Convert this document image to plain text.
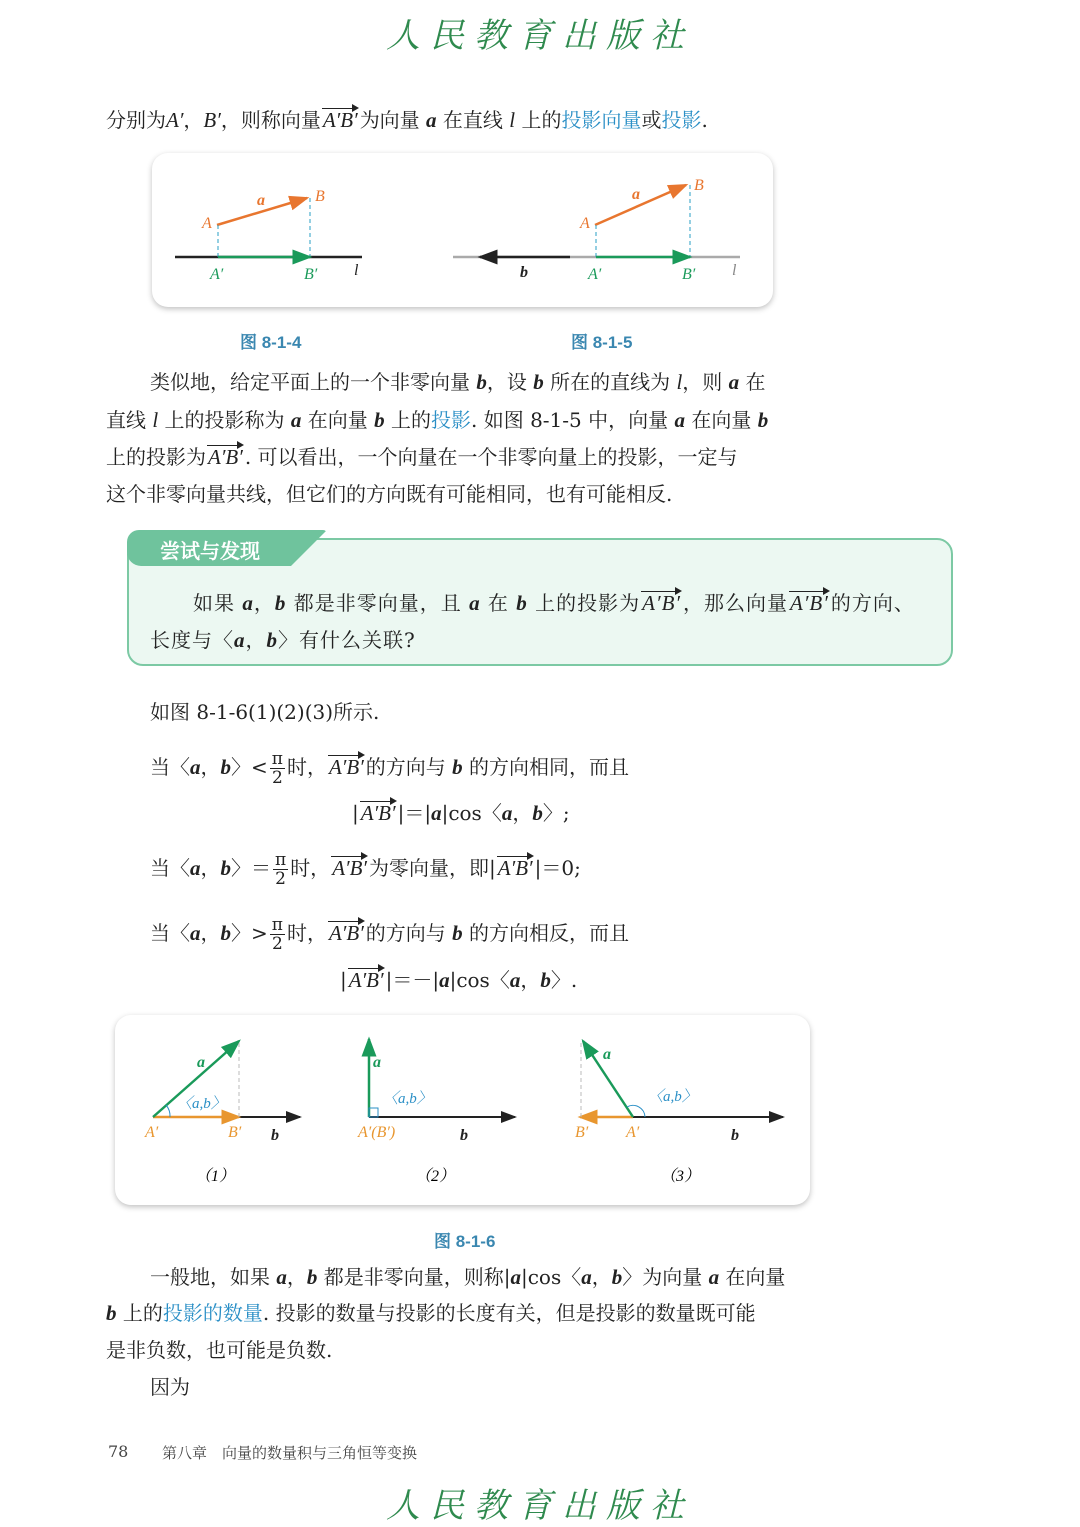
人民教育出版社
A
B
a
A′	B′ l
A
B
a
b	A′	B′ l
图 8-1-4	图 8-1-5
尝试与发现
a
〈a,b〉
A′	B′ b
（1）
a
〈a,b〉
A′(B′)	b
（2）
a
〈a,b〉
B′ A′	b
（3）
图 8-1-6
78 第八章　向量的数量积与三角恒等变换
人民教育出版社
分别为A′，B′，则称向量A′B′ 为向量 a 在直线 l 上的投影向量或投影.
类似地，给定平面上的一个非零向量 b，设 b 所在的直线为 l，则 a 在
直线 l 上的投影称为 a 在向量 b 上的投影. 如图 8-1-5 中，向量 a 在向量 b
上的投影为A′B′ . 可以看出，一个向量在一个非零向量上的投影，一定与
这个非零向量共线，但它们的方向既有可能相同，也有可能相反.
如果 a，b 都是非零向量，且 a 在 b 上的投影为A′B′ ，那么向量A′B′ 的方向、
长度与〈a，b〉有什么关联?
如图 8-1-6(1)(2)(3)所示.
当〈a，b〉< $\frac{\pi}{2}$ 时，A′B′ 的方向与 b 的方向相同，而且
|A′B′ |＝|a|cos〈a，b〉;
当〈a，b〉＝ $\frac{\pi}{2}$ 时，A′B′ 为零向量，即|A′B′ |＝0;
当〈a，b〉> $\frac{\pi}{2}$ 时，A′B′ 的方向与 b 的方向相反，而且
|A′B′ |＝－|a|cos〈a，b〉.
一般地，如果 a，b 都是非零向量，则称|a|cos〈a，b〉为向量 a 在向量
b 上的投影的数量. 投影的数量与投影的长度有关，但是投影的数量既可能
是非负数，也可能是负数.
因为
